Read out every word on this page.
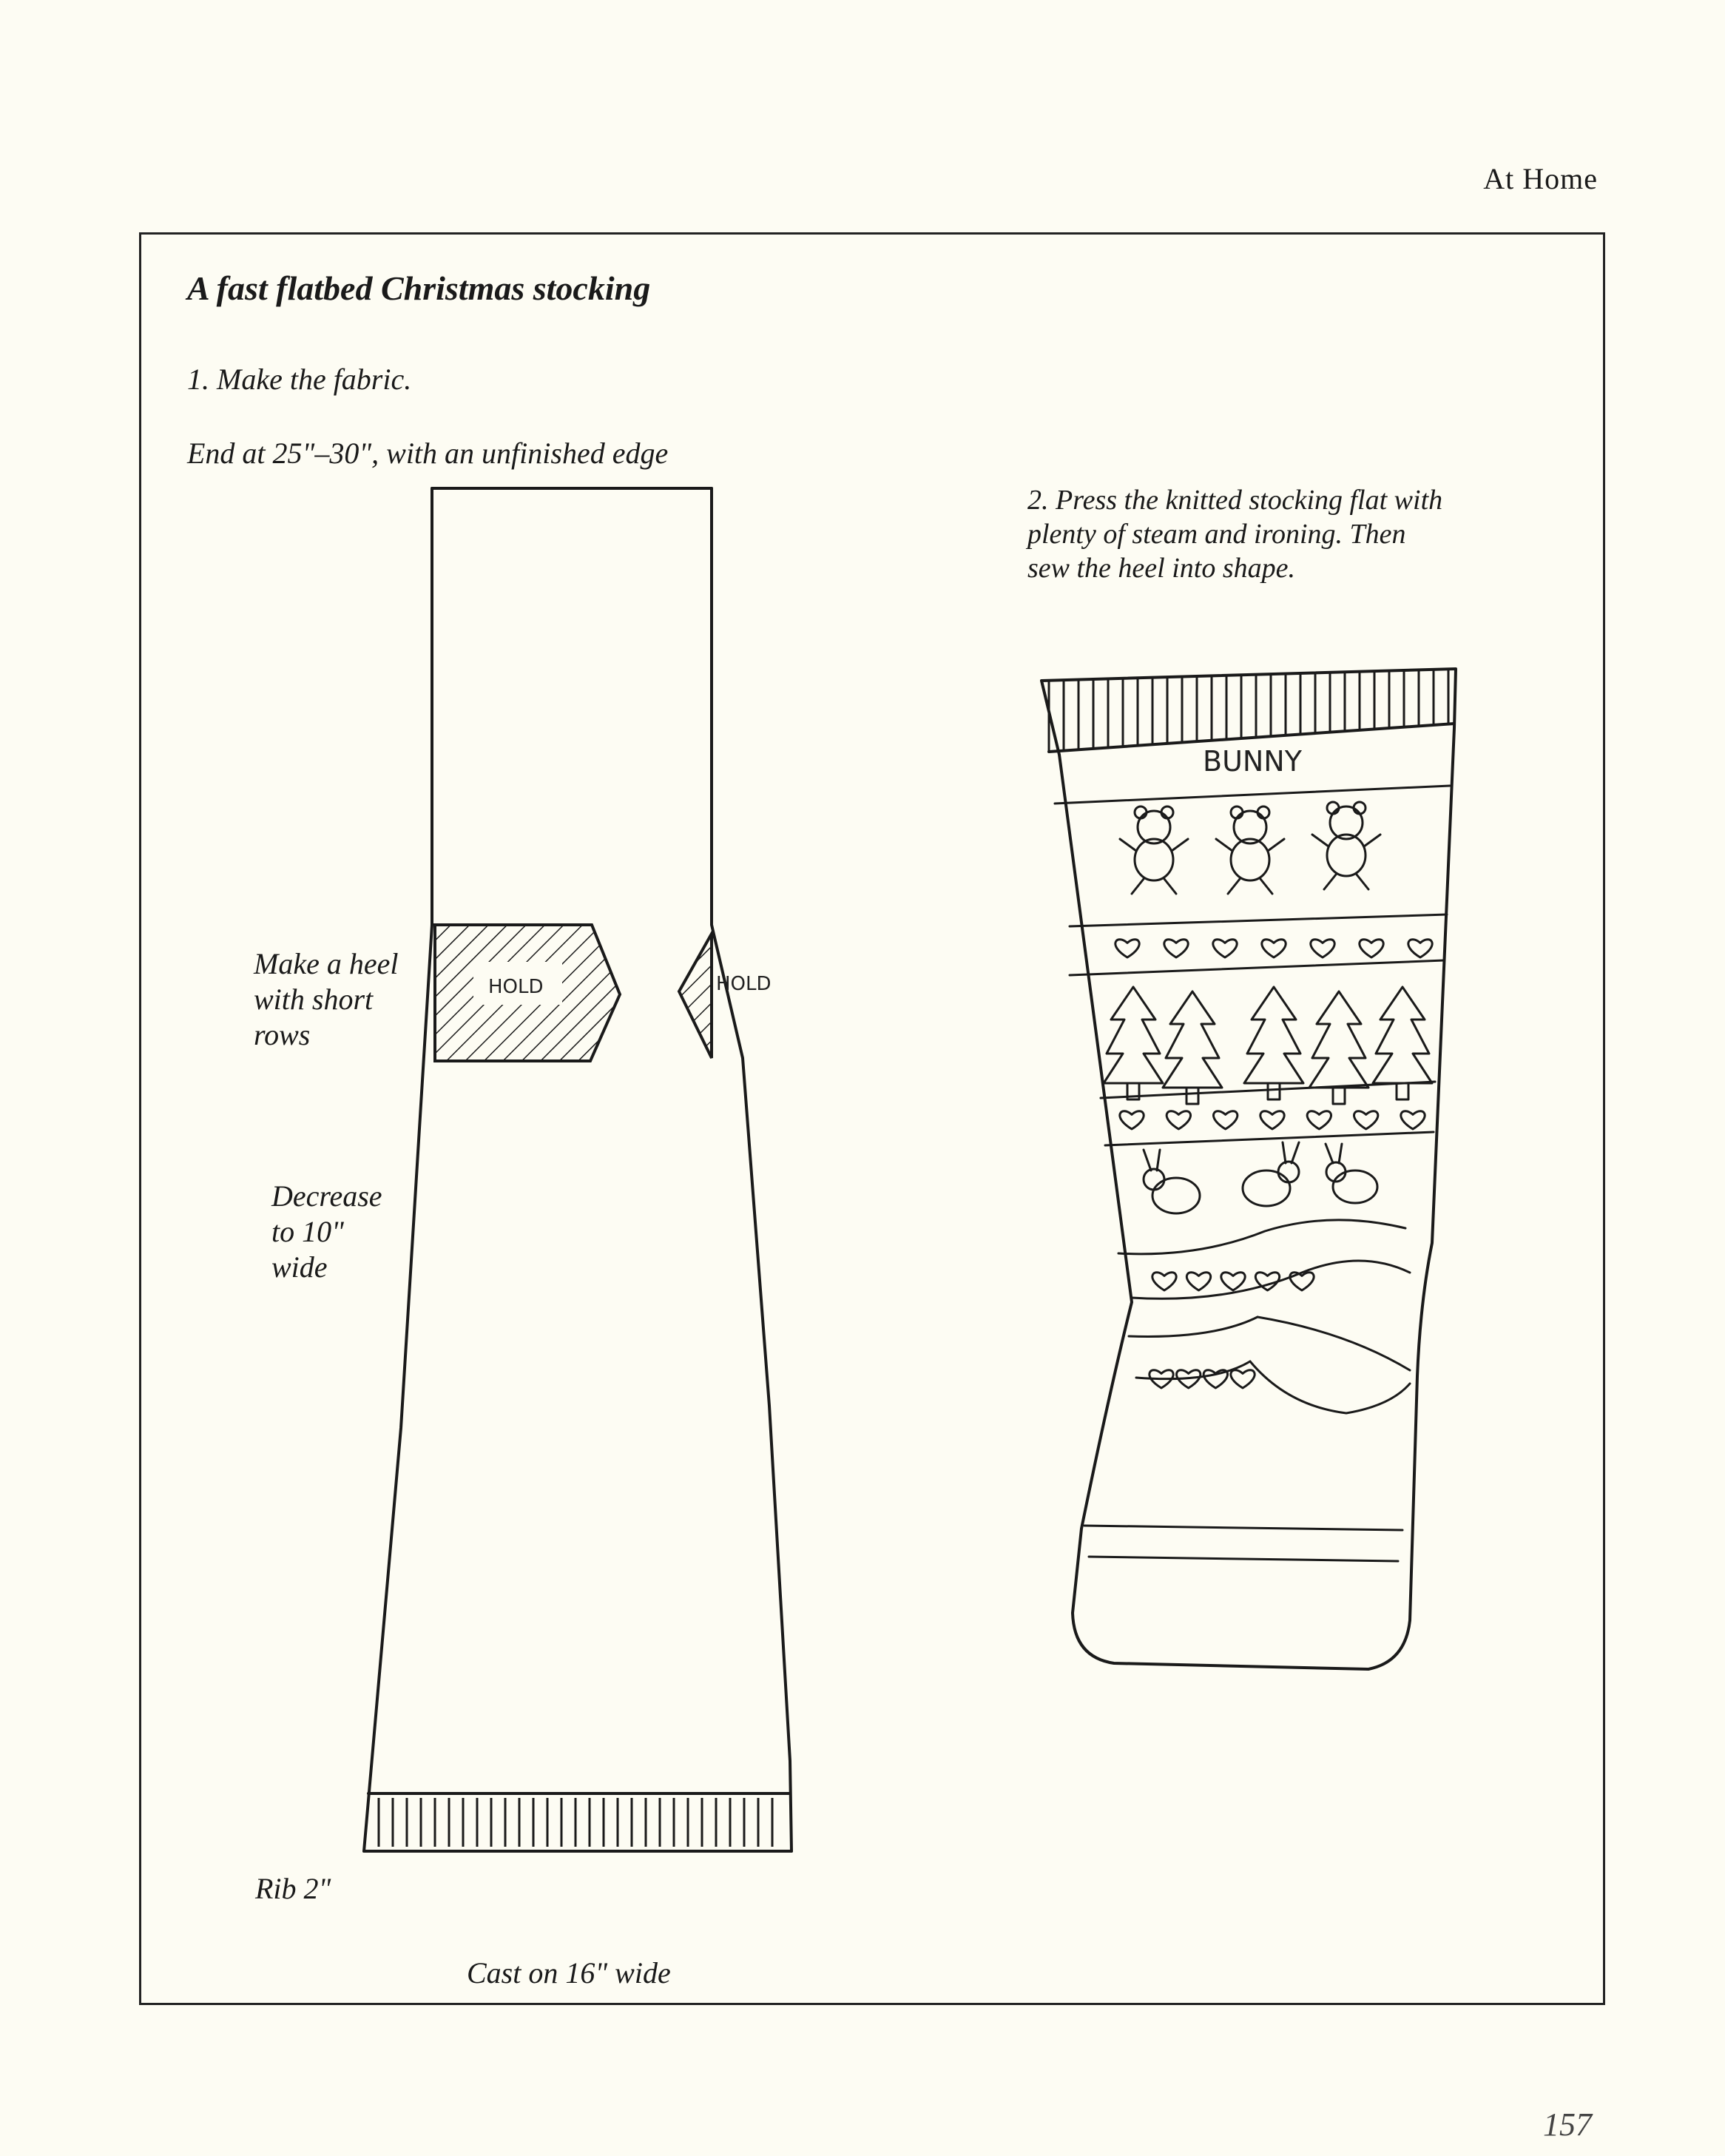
At Home
A fast flatbed Christmas stocking
1. Make the fabric.
End at 25"–30", with an unfinished edge
2. Press the knitted stocking flat with
plenty of steam and ironing. Then
sew the heel into shape.
Make a heel
with short
rows
Decrease
to 10"
wide
Rib 2"
Cast on 16" wide
HOLD	HOLD
BUNNY
157
